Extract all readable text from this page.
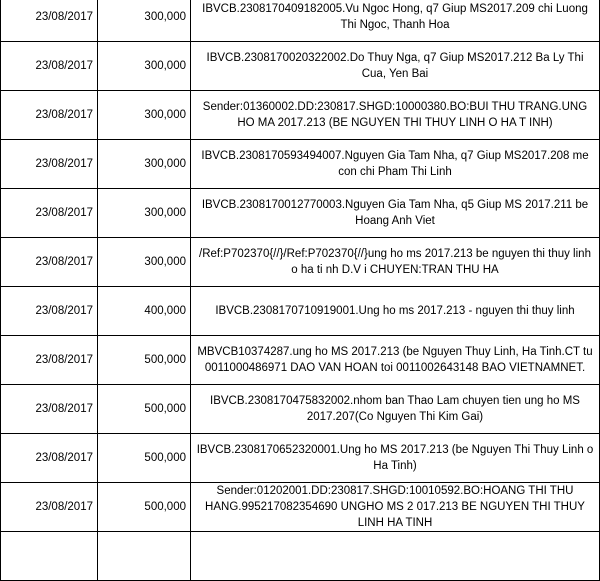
23/08/2017	300,000	IBVCB.2308170409182005.Vu Ngoc Hong, q7 Giup MS2017.209 chi Luong Thi Ngoc, Thanh Hoa
23/08/2017	300,000	IBVCB.2308170020322002.Do Thuy Nga, q7 Giup MS2017.212 Ba Ly Thi Cua, Yen Bai
23/08/2017	300,000	Sender:01360002.DD:230817.SHGD:10000380.BO:BUI THU TRANG.UNG HO MA 2017.213 (BE NGUYEN THI THUY LINH O HA T INH)
23/08/2017	300,000	IBVCB.2308170593494007.Nguyen Gia Tam Nha, q7 Giup MS2017.208 me con chi Pham Thi Linh
23/08/2017	300,000	IBVCB.2308170012770003.Nguyen Gia Tam Nha, q5 Giup MS 2017.211 be Hoang Anh Viet
23/08/2017	300,000	/Ref:P702370{//}/Ref:P702370{//}ung ho ms 2017.213 be nguyen thi thuy linh o ha ti nh D.V i CHUYEN:TRAN THU HA
23/08/2017	400,000	IBVCB.2308170710919001.Ung ho ms 2017.213 - nguyen thi thuy linh
23/08/2017	500,000	MBVCB10374287.ung ho MS 2017.213 (be Nguyen Thuy Linh, Ha Tinh.CT tu 0011000486971 DAO VAN HOAN toi 0011002643148 BAO VIETNAMNET.
23/08/2017	500,000	IBVCB.2308170475832002.nhom ban Thao Lam chuyen tien ung ho MS 2017.207(Co Nguyen Thi Kim Gai)
23/08/2017	500,000	IBVCB.2308170652320001.Ung ho MS 2017.213 (be Nguyen Thi Thuy Linh o Ha Tinh)
23/08/2017	500,000	Sender:01202001.DD:230817.SHGD:10010592.BO:HOANG THI THU HANG.995217082354690 UNGHO MS 2 017.213 BE NGUYEN THI THUY LINH HA TINH
